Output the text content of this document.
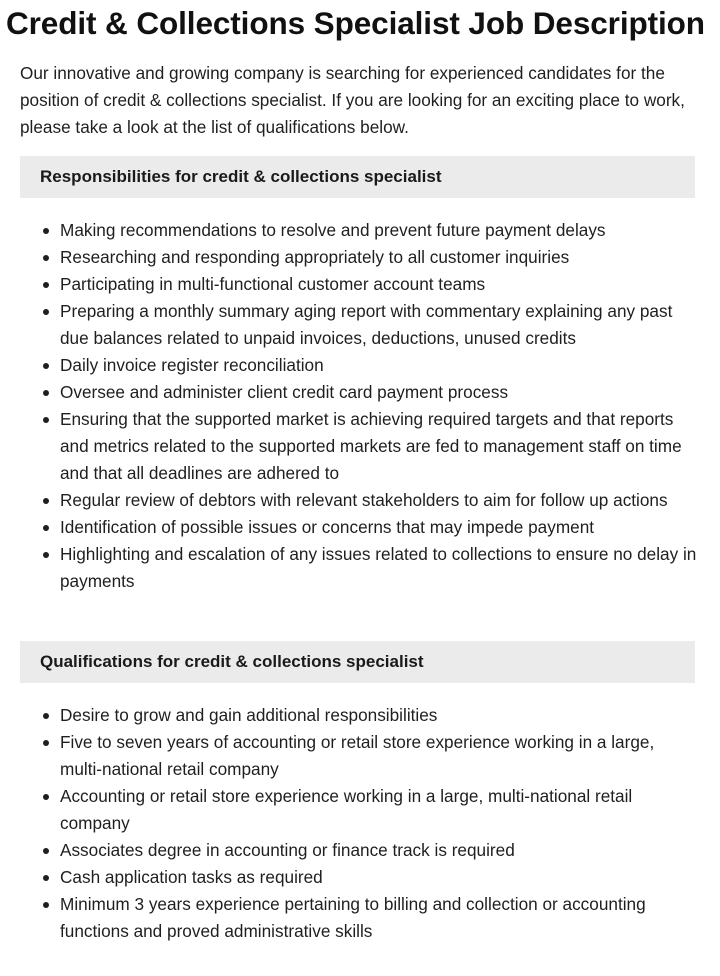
Credit & Collections Specialist Job Description

Our innovative and growing company is searching for experienced candidates for the position of credit & collections specialist. If you are looking for an exciting place to work, please take a look at the list of qualifications below.

Responsibilities for credit & collections specialist
Making recommendations to resolve and prevent future payment delays
Researching and responding appropriately to all customer inquiries
Participating in multi-functional customer account teams
Preparing a monthly summary aging report with commentary explaining any past due balances related to unpaid invoices, deductions, unused credits
Daily invoice register reconciliation
Oversee and administer client credit card payment process
Ensuring that the supported market is achieving required targets and that reports and metrics related to the supported markets are fed to management staff on time and that all deadlines are adhered to
Regular review of debtors with relevant stakeholders to aim for follow up actions
Identification of possible issues or concerns that may impede payment
Highlighting and escalation of any issues related to collections to ensure no delay in payments
Qualifications for credit & collections specialist
Desire to grow and gain additional responsibilities
Five to seven years of accounting or retail store experience working in a large, multi-national retail company
Accounting or retail store experience working in a large, multi-national retail company
Associates degree in accounting or finance track is required
Cash application tasks as required
Minimum 3 years experience pertaining to billing and collection or accounting functions and proved administrative skills
